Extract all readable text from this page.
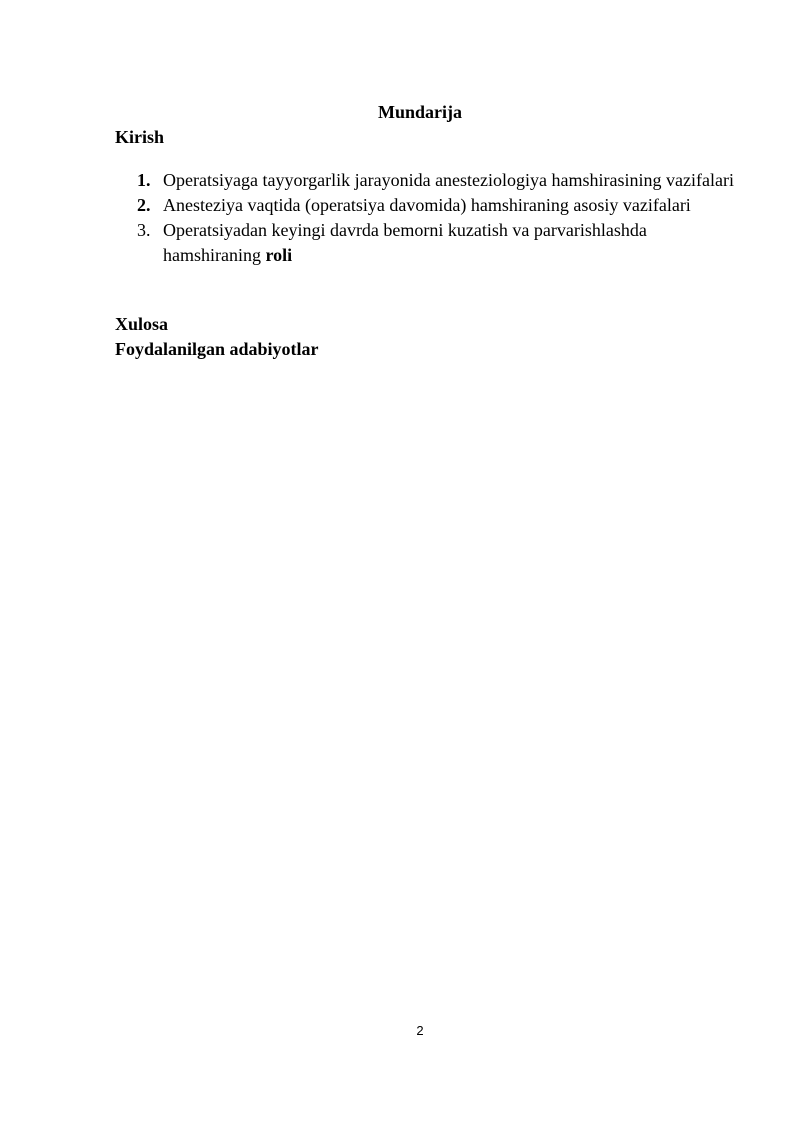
Mundarija
Kirish
1. Operatsiyaga tayyorgarlik jarayonida anesteziologiya hamshirasining vazifalari
2. Anesteziya vaqtida (operatsiya davomida) hamshiraning asosiy vazifalari
3. Operatsiyadan keyingi davrda bemorni kuzatish va parvarishlashda hamshiraning roli
Xulosa
Foydalanilgan adabiyotlar
2
